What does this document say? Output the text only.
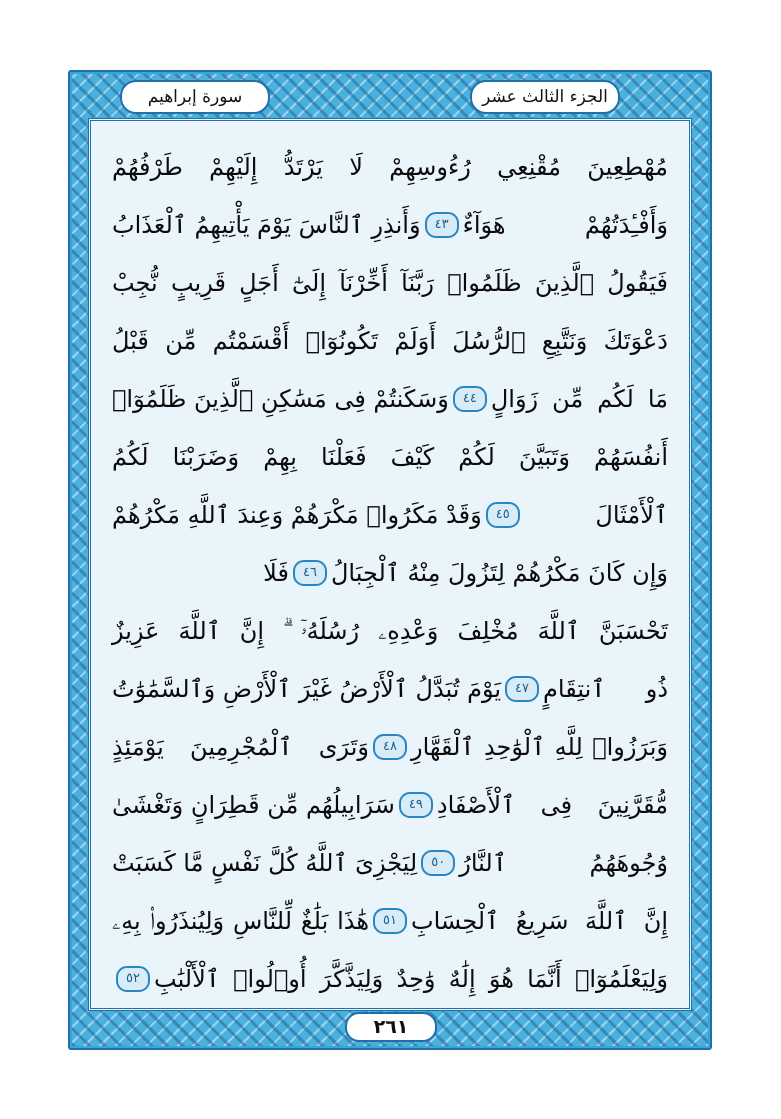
الجزء الثالث عشر
سورة إبراهيم
مُهْطِعِينَ مُقْنِعِي رُءُوسِهِمْ لَا يَرْتَدُّ إِلَيْهِمْ طَرْفُهُمْ
وَأَفْـِٔدَتُهُمْ هَوَآءٌ
٤٣
وَأَنذِرِ ٱلنَّاسَ يَوْمَ يَأْتِيهِمُ ٱلْعَذَابُ
فَيَقُولُ ٱلَّذِينَ ظَلَمُوا۟ رَبَّنَآ أَخِّرْنَآ إِلَىٰٓ أَجَلٍ قَرِيبٍ نُّجِبْ
دَعْوَتَكَ وَنَتَّبِعِ ٱلرُّسُلَ أَوَلَمْ تَكُونُوٓا۟ أَقْسَمْتُم مِّن قَبْلُ
مَا لَكُم مِّن زَوَالٍ
٤٤
وَسَكَنتُمْ فِى مَسَٰكِنِ ٱلَّذِينَ ظَلَمُوٓا۟
أَنفُسَهُمْ وَتَبَيَّنَ لَكُمْ كَيْفَ فَعَلْنَا بِهِمْ وَضَرَبْنَا لَكُمُ
ٱلْأَمْثَالَ
٤٥
وَقَدْ مَكَرُوا۟ مَكْرَهُمْ وَعِندَ ٱللَّهِ مَكْرُهُمْ
وَإِن كَانَ مَكْرُهُمْ لِتَزُولَ مِنْهُ ٱلْجِبَالُ
٤٦
فَلَا
تَحْسَبَنَّ ٱللَّهَ مُخْلِفَ وَعْدِهِۦ رُسُلَهُۥٓ ۗ إِنَّ ٱللَّهَ عَزِيزٌ
ذُو ٱنتِقَامٍ
٤٧
يَوْمَ تُبَدَّلُ ٱلْأَرْضُ غَيْرَ ٱلْأَرْضِ وَٱلسَّمَٰوَٰتُ
وَبَرَزُوا۟ لِلَّهِ ٱلْوَٰحِدِ ٱلْقَهَّارِ
٤٨
وَتَرَى ٱلْمُجْرِمِينَ يَوْمَئِذٍ
مُّقَرَّنِينَ فِى ٱلْأَصْفَادِ
٤٩
سَرَابِيلُهُم مِّن قَطِرَانٍ وَتَغْشَىٰ
وُجُوهَهُمُ ٱلنَّارُ
٥٠
لِيَجْزِىَ ٱللَّهُ كُلَّ نَفْسٍ مَّا كَسَبَتْ
إِنَّ ٱللَّهَ سَرِيعُ ٱلْحِسَابِ
٥١
هَٰذَا بَلَٰغٌ لِّلنَّاسِ وَلِيُنذَرُوا۟ بِهِۦ
وَلِيَعْلَمُوٓا۟ أَنَّمَا هُوَ إِلَٰهٌ وَٰحِدٌ وَلِيَذَّكَّرَ أُو۟لُوا۟ ٱلْأَلْبَٰبِ
٥٢
٢٦١
